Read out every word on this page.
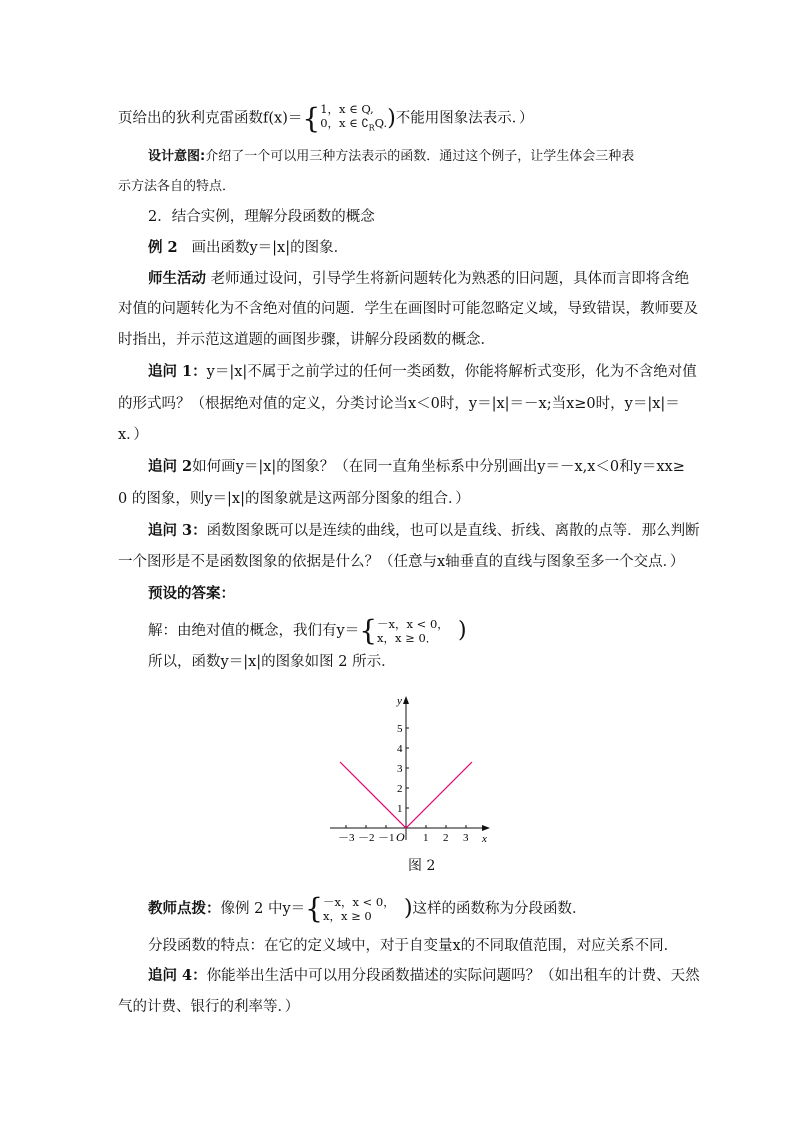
页给出的狄利克雷函数f(x)＝{1，x ∈ Q,
0，x ∈ $∁_RQ$.)不能用图象法表示．）
设计意图:介绍了一个可以用三种方法表示的函数．通过这个例子，让学生体会三种表
示方法各自的特点．
2．结合实例，理解分段函数的概念
例 2 画出函数y＝|x|的图象．
师生活动 老师通过设问，引导学生将新问题转化为熟悉的旧问题，具体而言即将含绝
对值的问题转化为不含绝对值的问题．学生在画图时可能忽略定义域，导致错误，教师要及
时指出，并示范这道题的画图步骤，讲解分段函数的概念．
追问 1：y＝|x|不属于之前学过的任何一类函数，你能将解析式变形，化为不含绝对值
的形式吗？（根据绝对值的定义，分类讨论当x＜0时，y＝|x|＝－x;当x≥0时，y＝|x|＝
x．）
追问 2如何画y＝|x|的图象？（在同一直角坐标系中分别画出y＝－x,x＜0和y＝xx≥
0 的图象，则y＝|x|的图象就是这两部分图象的组合．）
追问 3：函数图象既可以是连续的曲线，也可以是直线、折线、离散的点等．那么判断
一个图形是不是函数图象的依据是什么？（任意与x轴垂直的直线与图象至多一个交点．）
预设的答案：
解：由绝对值的概念，我们有y＝{－x，x < 0，
x，x ≥ 0． )
所以，函数y＝|x|的图象如图 2 所示．
x
y
O
－3 －2 －1	1 2 3
1
2
3
4
5
图 2
教师点拨：像例 2 中y＝{－x，x < 0，
x，x ≥ 0 )这样的函数称为分段函数．
分段函数的特点：在它的定义域中，对于自变量x的不同取值范围，对应关系不同．
追问 4：你能举出生活中可以用分段函数描述的实际问题吗？（如出租车的计费、天然
气的计费、银行的利率等．）
